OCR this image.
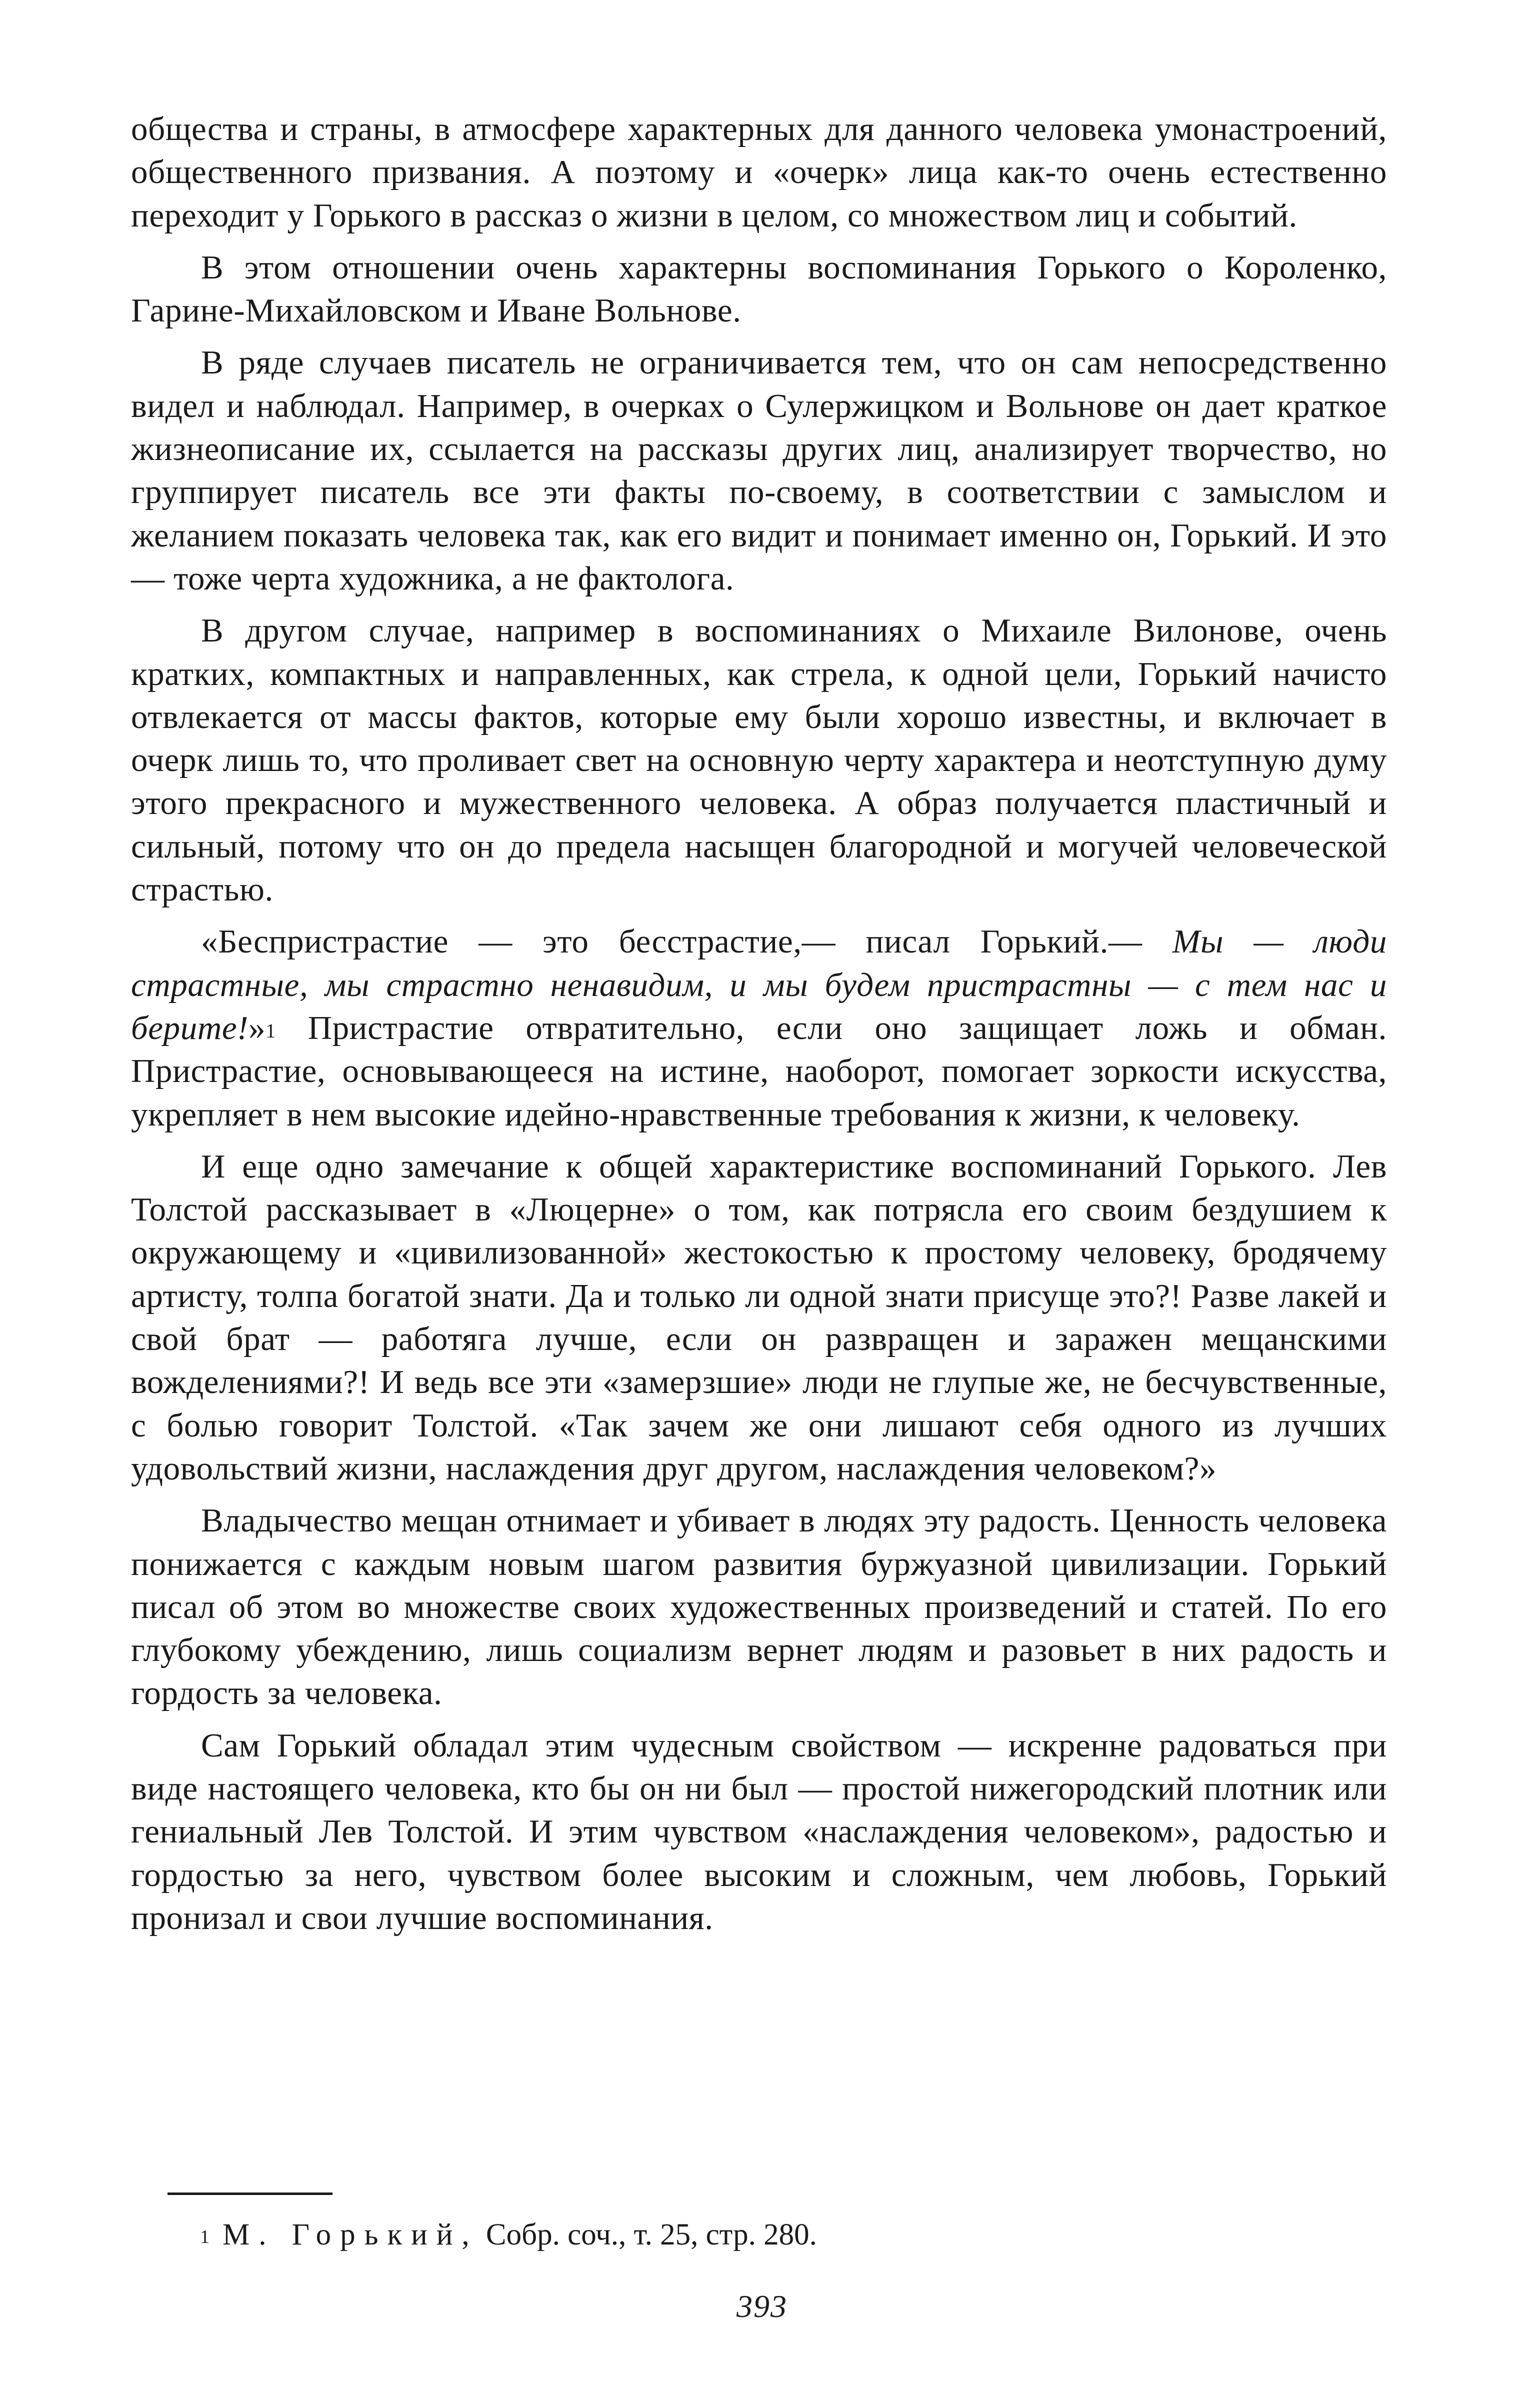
общества и страны, в атмосфере характерных для данного человека умонастроений, общественного призвания. А поэтому и «очерк» лица как-то очень естественно переходит у Горького в рассказ о жизни в целом, со множеством лиц и событий.

В этом отношении очень характерны воспоминания Горького о Короленко, Гарине-Михайловском и Иване Вольнове.

В ряде случаев писатель не ограничивается тем, что он сам непосредственно видел и наблюдал. Например, в очерках о Сулержицком и Вольнове он дает краткое жизнеописание их, ссылается на рассказы других лиц, анализирует творчество, но группирует писатель все эти факты по-своему, в соответствии с замыслом и желанием показать человека так, как его видит и понимает именно он, Горький. И это — тоже черта художника, а не фактолога.

В другом случае, например в воспоминаниях о Михаиле Вилонове, очень кратких, компактных и направленных, как стрела, к одной цели, Горький начисто отвлекается от массы фактов, которые ему были хорошо известны, и включает в очерк лишь то, что проливает свет на основную черту характера и неотступную думу этого прекрасного и мужественного человека. А образ получается пластичный и сильный, потому что он до предела насыщен благородной и могучей человеческой страстью.

«Беспристрастие — это бесстрастие,— писал Горький.— Мы — люди страстные, мы страстно ненавидим, и мы будем пристрастны — с тем нас и берите!»$^1$ Пристрастие отвратительно, если оно защищает ложь и обман. Пристрастие, основывающееся на истине, наоборот, помогает зоркости искусства, укрепляет в нем высокие идейно-нравственные требования к жизни, к человеку.

И еще одно замечание к общей характеристике воспоминаний Горького. Лев Толстой рассказывает в «Люцерне» о том, как потрясла его своим бездушием к окружающему и «цивилизованной» жестокостью к простому человеку, бродячему артисту, толпа богатой знати. Да и только ли одной знати присуще это?! Разве лакей и свой брат — работяга лучше, если он развращен и заражен мещанскими вожделениями?! И ведь все эти «замерзшие» люди не глупые же, не бесчувственные, с болью говорит Толстой. «Так зачем же они лишают себя одного из лучших удовольствий жизни, наслаждения друг другом, наслаждения человеком?»

Владычество мещан отнимает и убивает в людях эту радость. Ценность человека понижается с каждым новым шагом развития буржуазной цивилизации. Горький писал об этом во множестве своих художественных произведений и статей. По его глубокому убеждению, лишь социализм вернет людям и разовьет в них радость и гордость за человека.

Сам Горький обладал этим чудесным свойством — искренне радоваться при виде настоящего человека, кто бы он ни был — простой нижегородский плотник или гениальный Лев Толстой. И этим чувством «наслаждения человеком», радостью и гордостью за него, чувством более высоким и сложным, чем любовь, Горький пронизал и свои лучшие воспоминания.

$^1$ М. Горький, Собр. соч., т. 25, стр. 280.
393
